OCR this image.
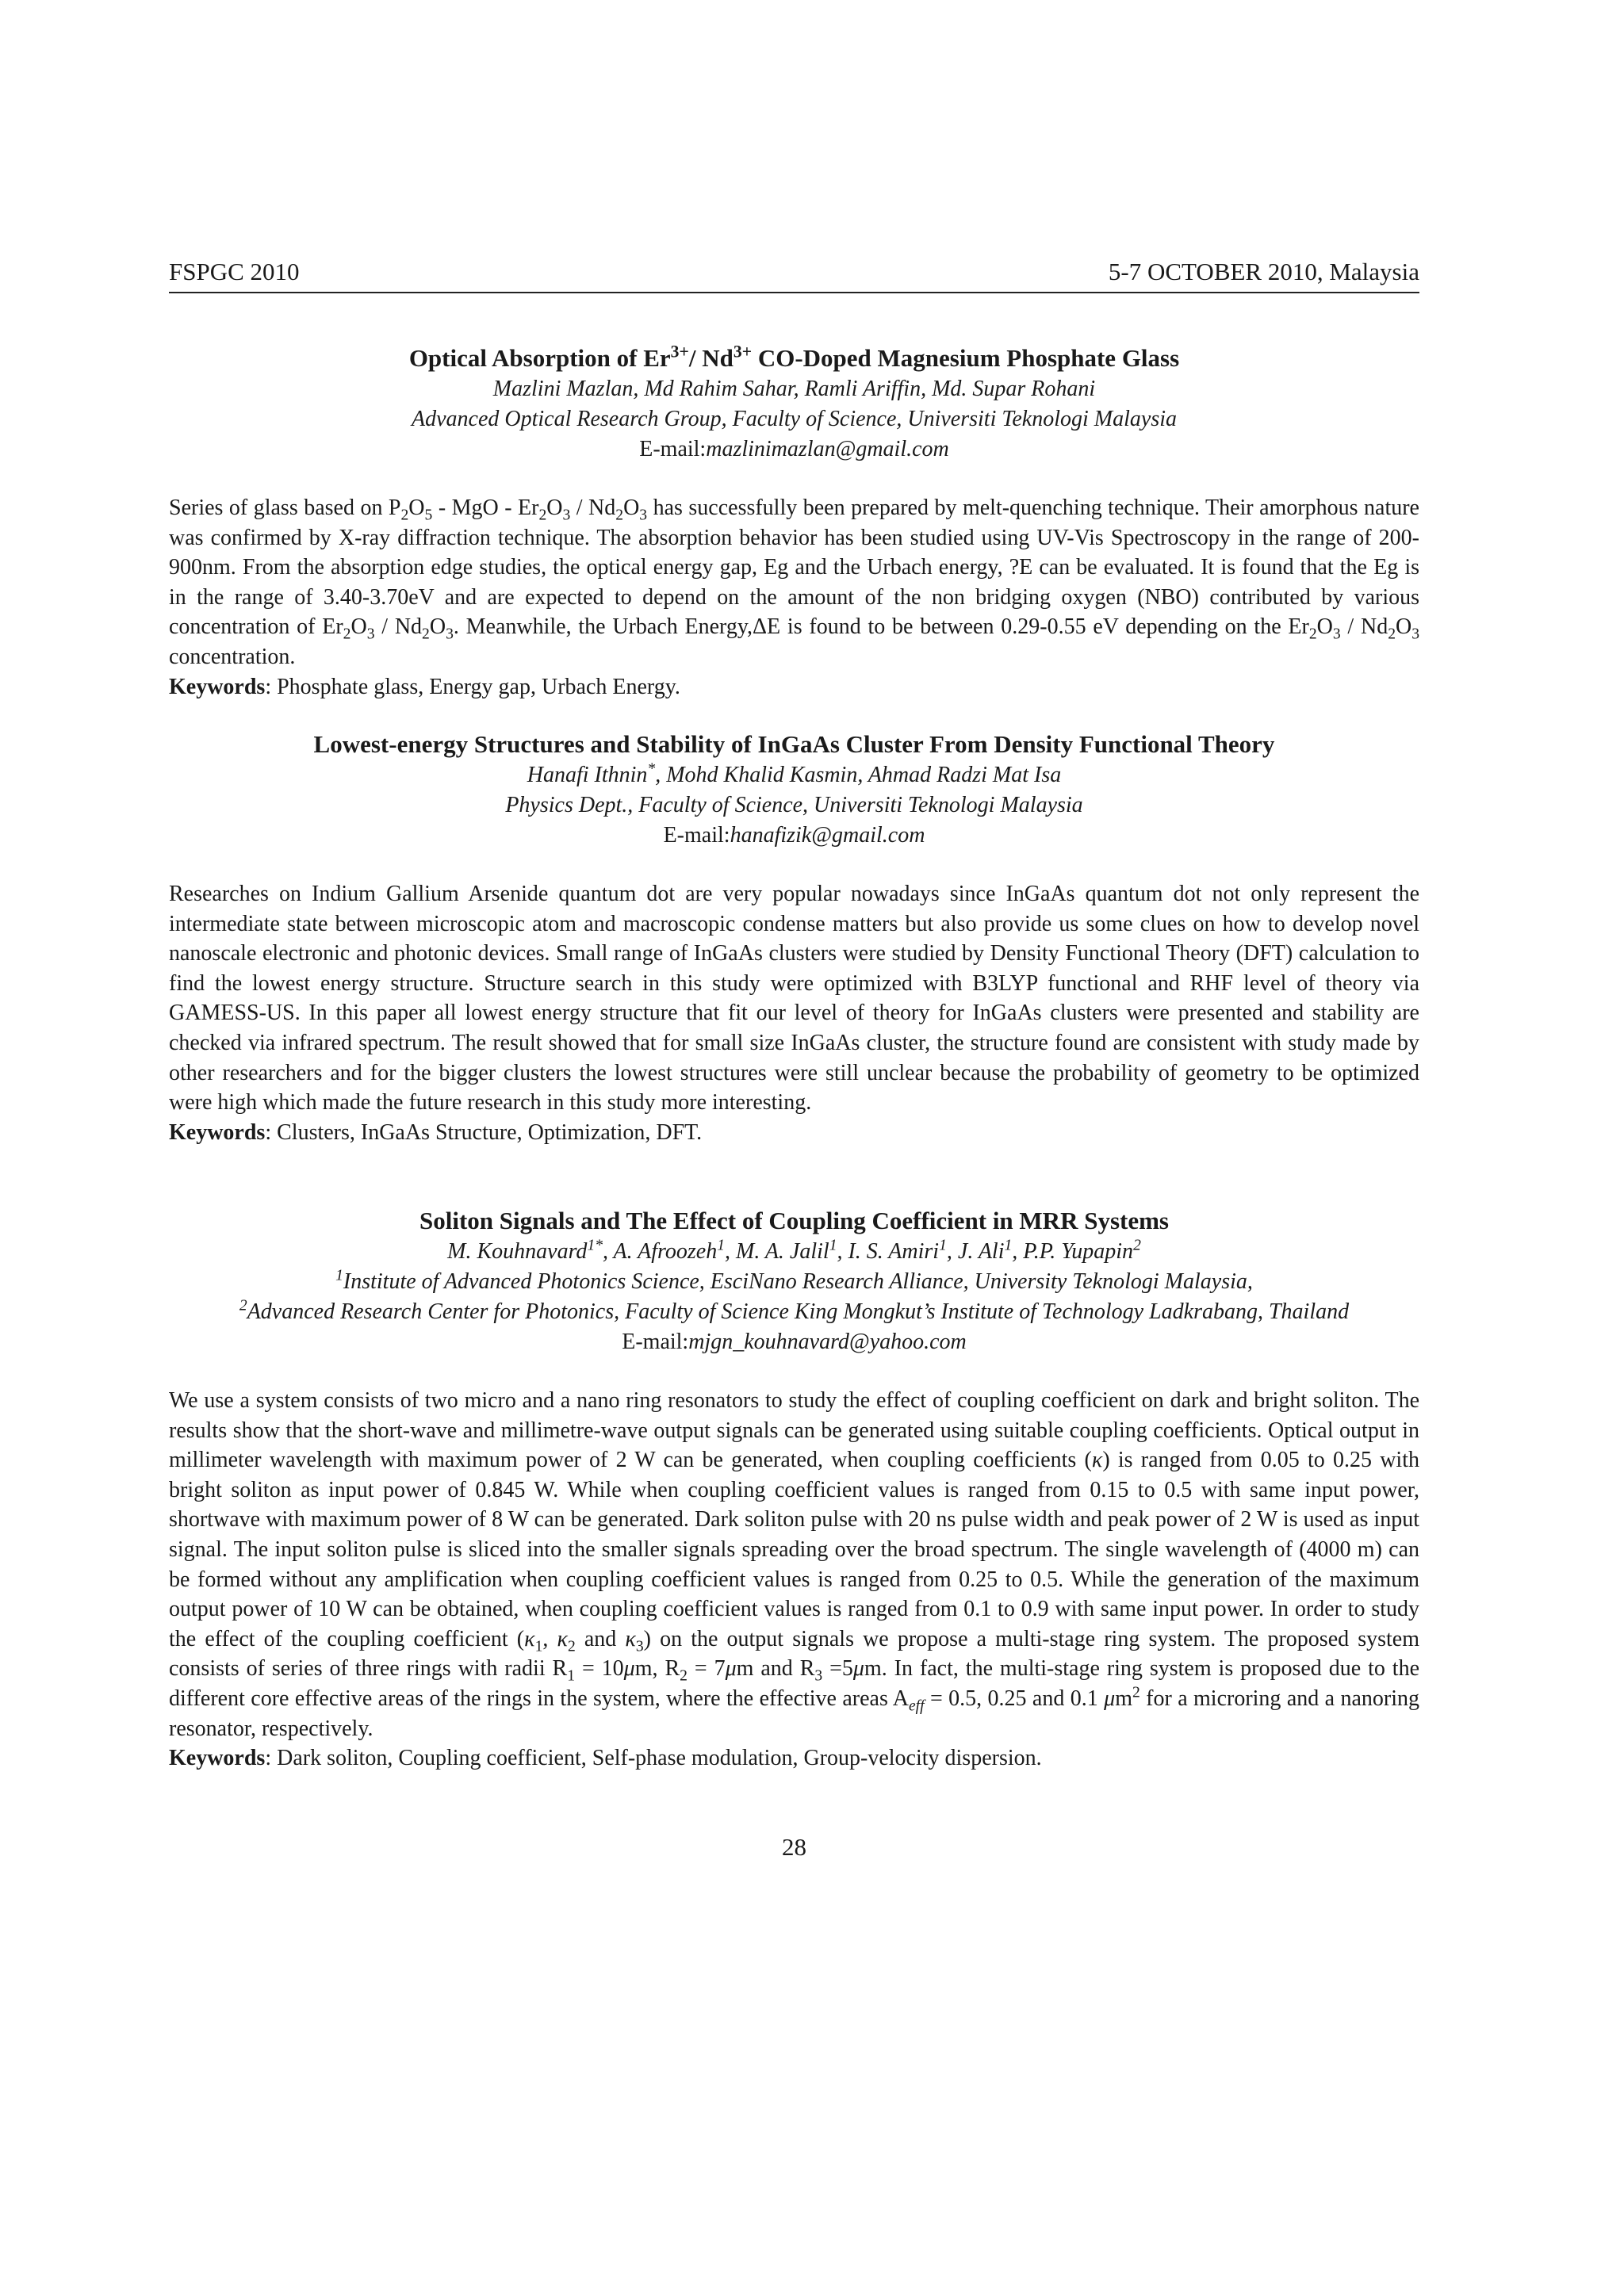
FSPGC 2010	5-7 OCTOBER 2010, Malaysia
Optical Absorption of $Er^{3+}/$ $Nd^{3+}$ CO-Doped Magnesium Phosphate Glass
Mazlini Mazlan, Md Rahim Sahar, Ramli Ariffin, Md. Supar Rohani
Advanced Optical Research Group, Faculty of Science, Universiti Teknologi Malaysia
E-mail:mazlinimazlan@gmail.com
Series of glass based on $P_2O_5$ - MgO - $Er_2O_3 / Nd_2O_3$ has successfully been prepared by melt-quenching technique. Their amorphous nature was confirmed by X-ray diffraction technique. The absorption behavior has been studied using UV-Vis Spectroscopy in the range of 200-900nm. From the absorption edge studies, the optical energy gap, Eg and the Urbach energy, ?E can be evaluated. It is found that the Eg is in the range of 3.40-3.70eV and are expected to depend on the amount of the non bridging oxygen (NBO) contributed by various concentration of $Er_2O_3 / Nd_2O_3$. Meanwhile, the Urbach Energy,ΔE is found to be between 0.29-0.55 eV depending on the $Er_2O_3 / Nd_2O_3$ concentration.
Keywords: Phosphate glass, Energy gap, Urbach Energy.
Lowest-energy Structures and Stability of InGaAs Cluster From Density Functional Theory
Hanafi Ithnin*, Mohd Khalid Kasmin, Ahmad Radzi Mat Isa
Physics Dept., Faculty of Science, Universiti Teknologi Malaysia
E-mail:hanafizik@gmail.com
Researches on Indium Gallium Arsenide quantum dot are very popular nowadays since InGaAs quantum dot not only represent the intermediate state between microscopic atom and macroscopic condense matters but also provide us some clues on how to develop novel nanoscale electronic and photonic devices. Small range of InGaAs clusters were studied by Density Functional Theory (DFT) calculation to find the lowest energy structure. Structure search in this study were optimized with B3LYP functional and RHF level of theory via GAMESS-US. In this paper all lowest energy structure that fit our level of theory for InGaAs clusters were presented and stability are checked via infrared spectrum. The result showed that for small size InGaAs cluster, the structure found are consistent with study made by other researchers and for the bigger clusters the lowest structures were still unclear because the probability of geometry to be optimized were high which made the future research in this study more interesting.
Keywords: Clusters, InGaAs Structure, Optimization, DFT.
Soliton Signals and The Effect of Coupling Coefficient in MRR Systems
M. Kouhnavard$^{1*}$, A. Afroozeh$^1$, M. A. Jalil$^1$, I. S. Amiri$^1$, J. Ali$^1$, P.P. Yupapin$^2$
$^1$Institute of Advanced Photonics Science, EsciNano Research Alliance, University Teknologi Malaysia,
$^2$Advanced Research Center for Photonics, Faculty of Science King Mongkut’s Institute of Technology Ladkrabang, Thailand
E-mail:mjgn_kouhnavard@yahoo.com
We use a system consists of two micro and a nano ring resonators to study the effect of coupling coefficient on dark and bright soliton. The results show that the short-wave and millimetre-wave output signals can be generated using suitable coupling coefficients. Optical output in millimeter wavelength with maximum power of 2 W can be generated, when coupling coefficients (κ) is ranged from 0.05 to 0.25 with bright soliton as input power of 0.845 W. While when coupling coefficient values is ranged from 0.15 to 0.5 with same input power, shortwave with maximum power of 8 W can be generated. Dark soliton pulse with 20 ns pulse width and peak power of 2 W is used as input signal. The input soliton pulse is sliced into the smaller signals spreading over the broad spectrum. The single wavelength of (4000 m) can be formed without any amplification when coupling coefficient values is ranged from 0.25 to 0.5. While the generation of the maximum output power of 10 W can be obtained, when coupling coefficient values is ranged from 0.1 to 0.9 with same input power. In order to study the effect of the coupling coefficient ($\kappa_1$, $\kappa_2$ and $\kappa_3$) on the output signals we propose a multi-stage ring system. The proposed system consists of series of three rings with radii $R_1 = 10\mu m$, $R_2 = 7\mu m$ and $R_3 =5\mu m$. In fact, the multi-stage ring system is proposed due to the different core effective areas of the rings in the system, where the effective areas $A_{eff} = 0.5$, 0.25 and 0.1 $\mu m^2$ for a microring and a nanoring resonator, respectively.
Keywords: Dark soliton, Coupling coefficient, Self-phase modulation, Group-velocity dispersion.
28
